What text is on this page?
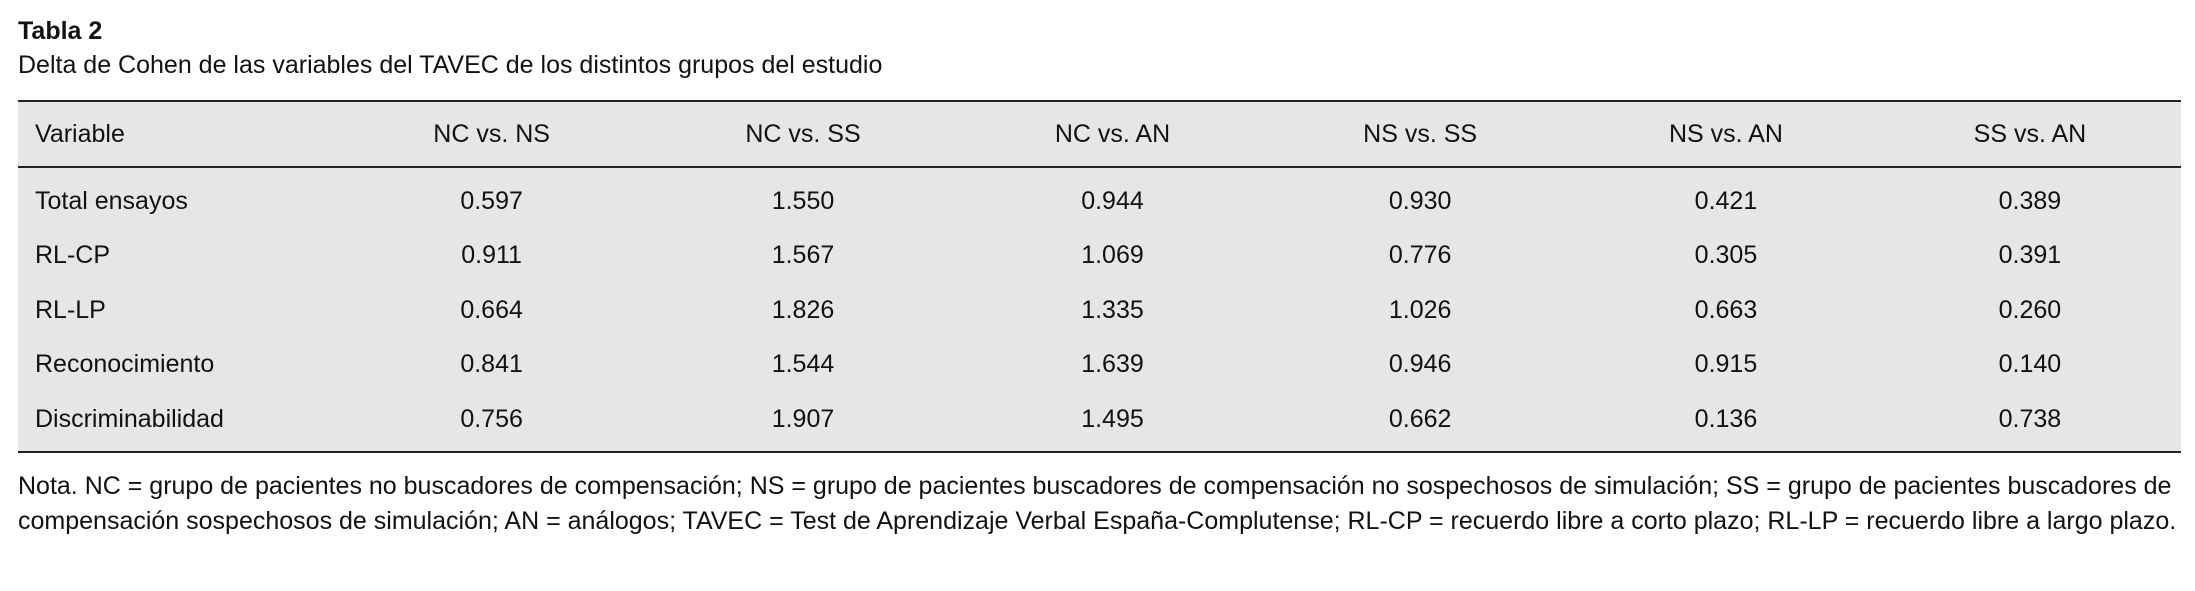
Tabla 2
Delta de Cohen de las variables del TAVEC de los distintos grupos del estudio
Variable	NC vs. NS	NC vs. SS	NC vs. AN	NS vs. SS	NS vs. AN	SS vs. AN
Total ensayos	0.597	1.550	0.944	0.930	0.421	0.389
RL-CP	0.911	1.567	1.069	0.776	0.305	0.391
RL-LP	0.664	1.826	1.335	1.026	0.663	0.260
Reconocimiento	0.841	1.544	1.639	0.946	0.915	0.140
Discriminabilidad	0.756	1.907	1.495	0.662	0.136	0.738
Nota. NC = grupo de pacientes no buscadores de compensación; NS = grupo de pacientes buscadores de compensación no sospechosos de simulación; SS = grupo de pacientes buscadores de compensación sospechosos de simulación; AN = análogos; TAVEC = Test de Aprendizaje Verbal España-Complutense; RL-CP = recuerdo libre a corto plazo; RL-LP = recuerdo libre a largo plazo.
